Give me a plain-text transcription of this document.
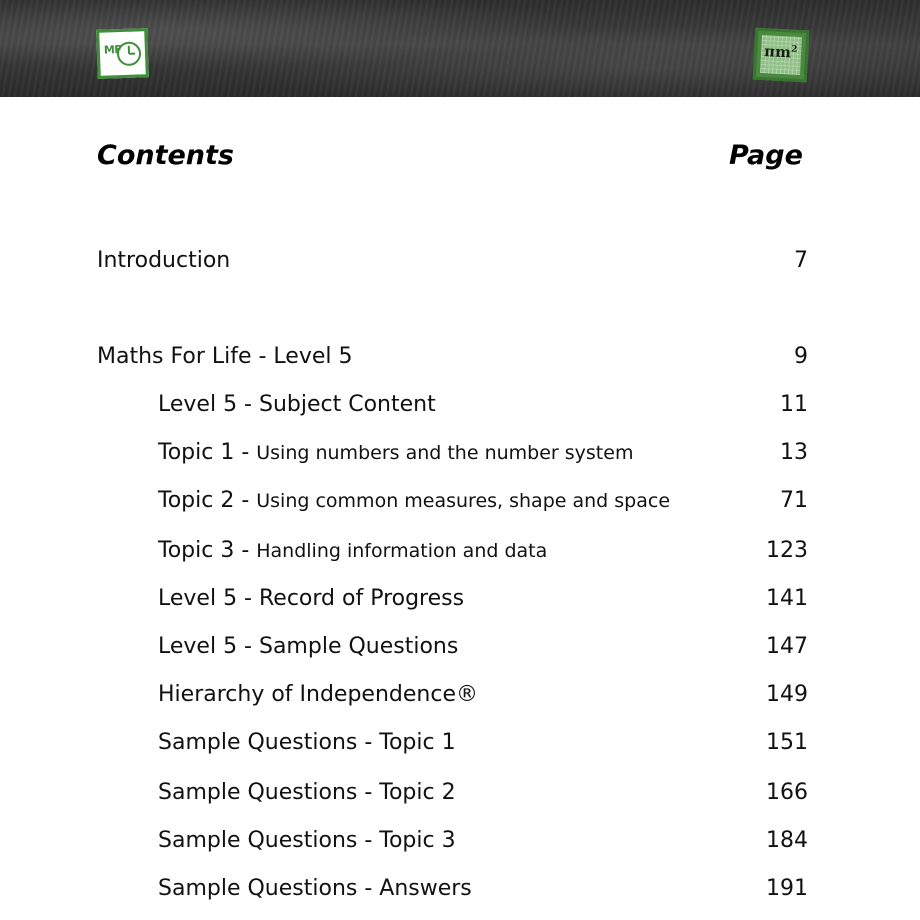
MF	$\pi m^2$
Contents	Page
Introduction	7
Maths For Life - Level 5	9
Level 5 - Subject Content	11
Topic 1 - Using numbers and the number system	13
Topic 2 - Using common measures, shape and space	71
Topic 3 - Handling information and data	123
Level 5 - Record of Progress	141
Level 5 - Sample Questions	147
Hierarchy of Independence®	149
Sample Questions - Topic 1	151
Sample Questions - Topic 2	166
Sample Questions - Topic 3	184
Sample Questions - Answers	191
